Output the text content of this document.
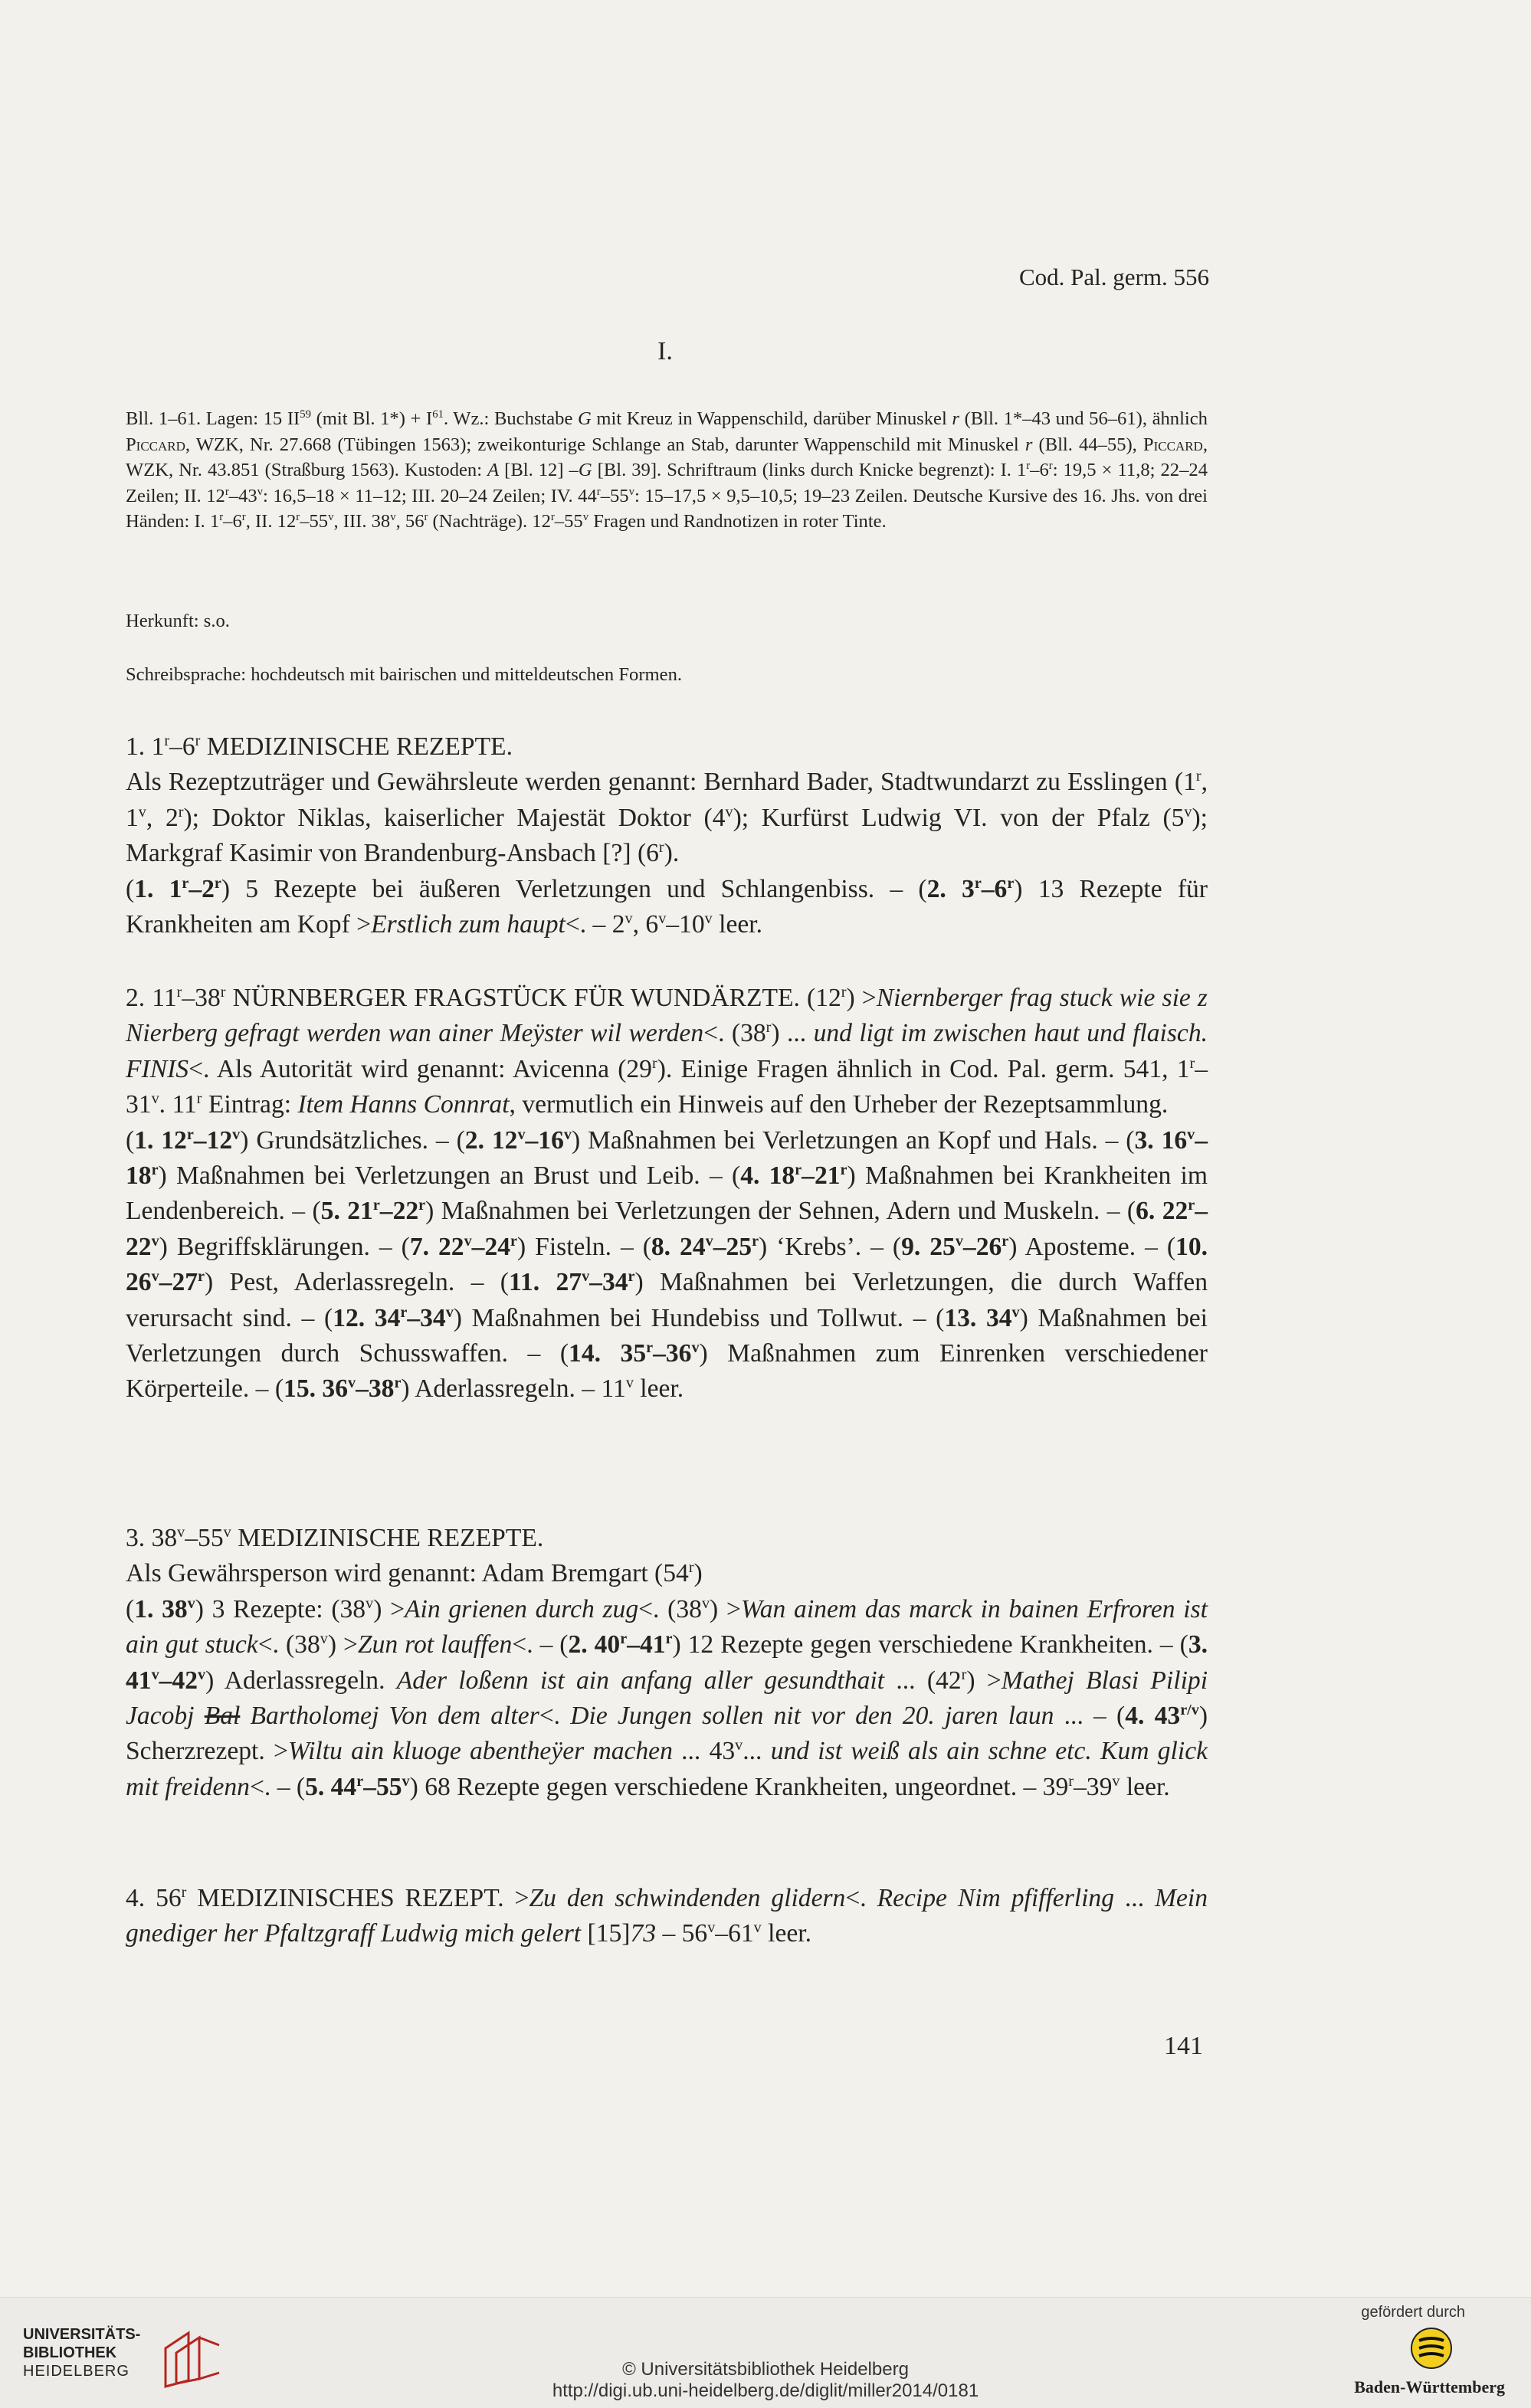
Cod. Pal. germ. 556
I.

Bll. 1–61. Lagen: 15 II$^{59}$ (mit Bl. $1*) + I^{61}$. Wz.: Buchstabe G mit Kreuz in Wappenschild, darüber Minuskel r (Bll. 1*–43 und 56–61), ähnlich Piccard, WZK, Nr. 27.668 (Tübingen 1563); zweikonturige Schlange an Stab, darunter Wappenschild mit Minuskel r (Bll. 44–55), Piccard, WZK, Nr. 43.851 (Straßburg 1563). Kustoden: A [Bl. 12] –G [Bl. 39]. Schriftraum (links durch Knicke begrenzt): I. 1$^r$–6$^r$: 19,5 × 11,8; 22–24 Zeilen; II. 12$^r$–43$^v$: 16,5–18 × 11–12; III. 20–24 Zeilen; IV. 44$^r$–55$^v$: 15–17,5 × 9,5–10,5; 19–23 Zeilen. Deutsche Kursive des 16. Jhs. von drei Händen: I. 1$^r$–6$^r$, II. 12$^r$–55$^v$, III. 38$^v$, 56$^r$ (Nachträge). 12$^r$–55$^v$ Fragen und Randnotizen in roter Tinte.

Herkunft: s.o.
Schreibsprache: hochdeutsch mit bairischen und mitteldeutschen Formen.

1. 1$^r$–6$^r$ MEDIZINISCHE REZEPTE.

Als Rezeptzuträger und Gewährsleute werden genannt: Bernhard Bader, Stadtwundarzt zu Esslingen (1$^r$, 1$^v$, 2$^r$); Doktor Niklas, kaiserlicher Majestät Doktor (4$^v$); Kurfürst Ludwig VI. von der Pfalz (5$^v$); Markgraf Kasimir von Brandenburg-Ansbach [?] (6$^r$).

(1. 1$^r$–2$^r$) 5 Rezepte bei äußeren Verletzungen und Schlangenbiss. – (2. 3$^r$–6$^r$) 13 Rezepte für Krankheiten am Kopf >Erstlich zum haupt<. – 2$^v$, 6$^v$–10$^v$ leer.

2. 11$^r$–38$^r$ NÜRNBERGER FRAGSTÜCK FÜR WUNDÄRZTE. $(12^r)$ >Niernberger frag stuck wie sie z Nierberg gefragt werden wan ainer Meÿster wil werden<. (38$^r$) ... und ligt im zwischen haut und flaisch. FINIS<. Als Autorität wird genannt: Avicenna (29$^r$). Einige Fragen ähnlich in Cod. Pal. germ. 541, 1$^r$–31$^v$. 11$^r$ Eintrag: Item Hanns Connrat, vermutlich ein Hinweis auf den Urheber der Rezeptsammlung.

(1. 12$^r$–12$^v$) Grundsätzliches. – (2. 12$^v$–16$^v$) Maßnahmen bei Verletzungen an Kopf und Hals. – (3. 16$^v$–18$^r$) Maßnahmen bei Verletzungen an Brust und Leib. – (4. 18$^r$–21$^r$) Maßnahmen bei Krankheiten im Lendenbereich. – (5. 21$^r$–22$^r$) Maßnahmen bei Verletzungen der Sehnen, Adern und Muskeln. – (6. 22$^r$–22$^v$) Begriffsklärungen. – (7. 22$^v$–24$^r$) Fisteln. – (8. 24$^v$–25$^r$) ‘Krebs’. – (9. 25$^v$–26$^r$) Aposteme. – (10. 26$^v$–27$^r$) Pest, Aderlassregeln. – (11. 27$^v$–34$^r$) Maßnahmen bei Verletzungen, die durch Waffen verursacht sind. – (12. 34$^r$–34$^v$) Maßnahmen bei Hundebiss und Tollwut. – (13. 34$^v$) Maßnahmen bei Verletzungen durch Schusswaffen. – (14. 35$^r$–36$^v$) Maßnahmen zum Einrenken verschiedener Körperteile. – (15. 36$^v$–38$^r$) Aderlassregeln. – 11$^v$ leer.

3. 38$^v$–55$^v$ MEDIZINISCHE REZEPTE.

Als Gewährsperson wird genannt: Adam Bremgart (54$^r$)

(1. 38$^v$) 3 Rezepte: $(38^v) >Ain$ grienen durch zug<. $(38^v) >Wan$ ainem das marck in bainen Erfroren ist ain gut stuck<. $(38^v) >Zun$ rot lauffen<. – (2. 40$^r$–41$^r$) 12 Rezepte gegen verschiedene Krankheiten. – (3. 41$^v$–42$^v$) Aderlassregeln. Ader loßenn ist ain anfang aller gesundthait ... $(42^r)$ >Mathej Blasi Pilipi Jacobj Bal Bartholomej Von dem alter<. Die Jungen sollen nit vor den 20. jaren laun ... – (4. $43^{r/v}$) Scherzrezept. >Wiltu ain kluoge abentheÿer machen ... 43$^v$... und ist weiß als ain schne etc. Kum glick mit freidenn<. – (5. 44$^r$–55$^v$) 68 Rezepte gegen verschiedene Krankheiten, ungeordnet. – 39$^r$–39$^v$ leer.

4. 56$^r$ MEDIZINISCHES REZEPT. >Zu den schwindenden glidern<. Recipe Nim pfifferling ... Mein gnediger her Pfaltzgraff Ludwig mich gelert [15]73 – 56$^v$–61$^v$ leer.

141
UNIVERSITÄTS-
BIBLIOTHEK
HEIDELBERG	© Universitätsbibliothek Heidelberg
http://digi.ub.uni-heidelberg.de/diglit/miller2014/0181
gefördert durch
Baden-Württemberg
